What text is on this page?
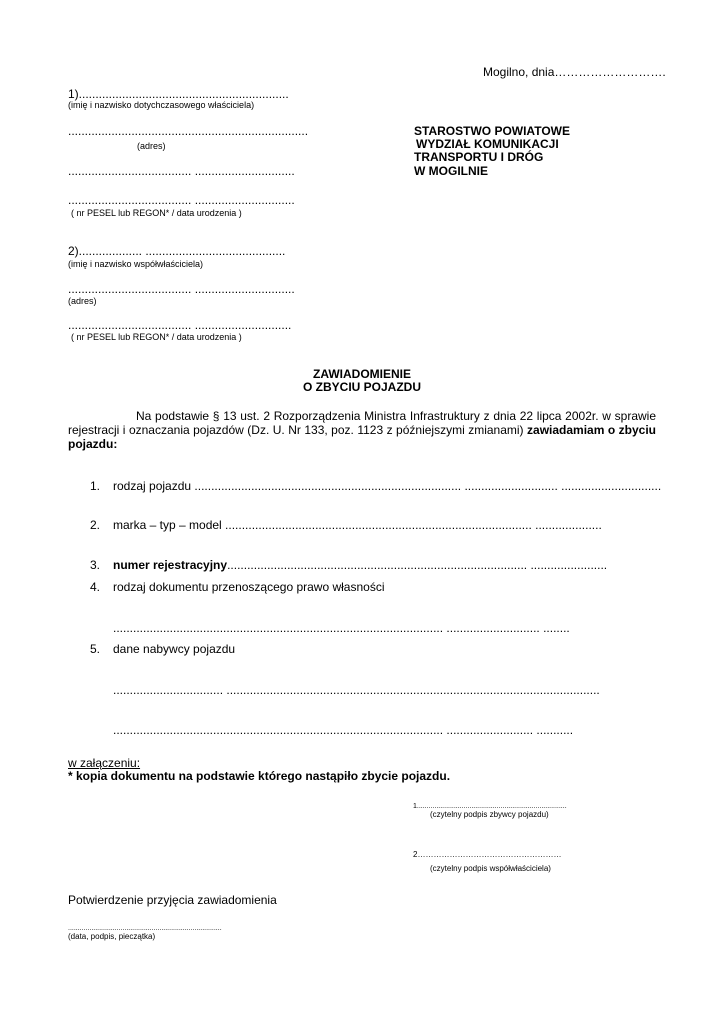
Mogilno, dnia……………………….
1)...............................................................
(imię i nazwisko dotychczasowego właściciela)
........................................................................
(adres)
..................................... ..............................
..................................... ..............................
( nr PESEL lub REGON* / data urodzenia )
2)................... ..........................................
(imię i nazwisko współwłaściciela)
..................................... ..............................
(adres)
..................................... .............................
( nr PESEL lub REGON* / data urodzenia )
STAROSTWO POWIATOWE
WYDZIAŁ KOMUNIKACJI
TRANSPORTU I DRÓG
W MOGILNIE
ZAWIADOMIENIE
O ZBYCIU POJAZDU
Na podstawie § 13 ust. 2 Rozporządzenia Ministra Infrastruktury z dnia 22 lipca 2002r. w sprawie rejestracji i oznaczania pojazdów (Dz. U. Nr 133, poz. 1123 z późniejszymi zmianami) zawiadamiam o zbyciu pojazdu:
1. rodzaj pojazdu ................................................................................ ............................ ..............................
2. marka – typ – model ............................................................................................ ....................
3. numer rejestracyjny.......................................................................................... .......................
4. rodzaj dokumentu przenoszącego prawo własności
................................................................................................... ............................ ........
5. dane nabywcy pojazdu
................................. ................................................................................................................
................................................................................................... .......................... ...........
w załączeniu:
* kopia dokumentu na podstawie którego nastąpiło zbycie pojazdu.
1.............................................................................
(czytelny podpis zbywcy pojazdu)
2………………………………………………
(czytelny podpis współwłaściciela)
Potwierdzenie przyjęcia zawiadomienia
...............................................................................
(data, podpis, pieczątka)
